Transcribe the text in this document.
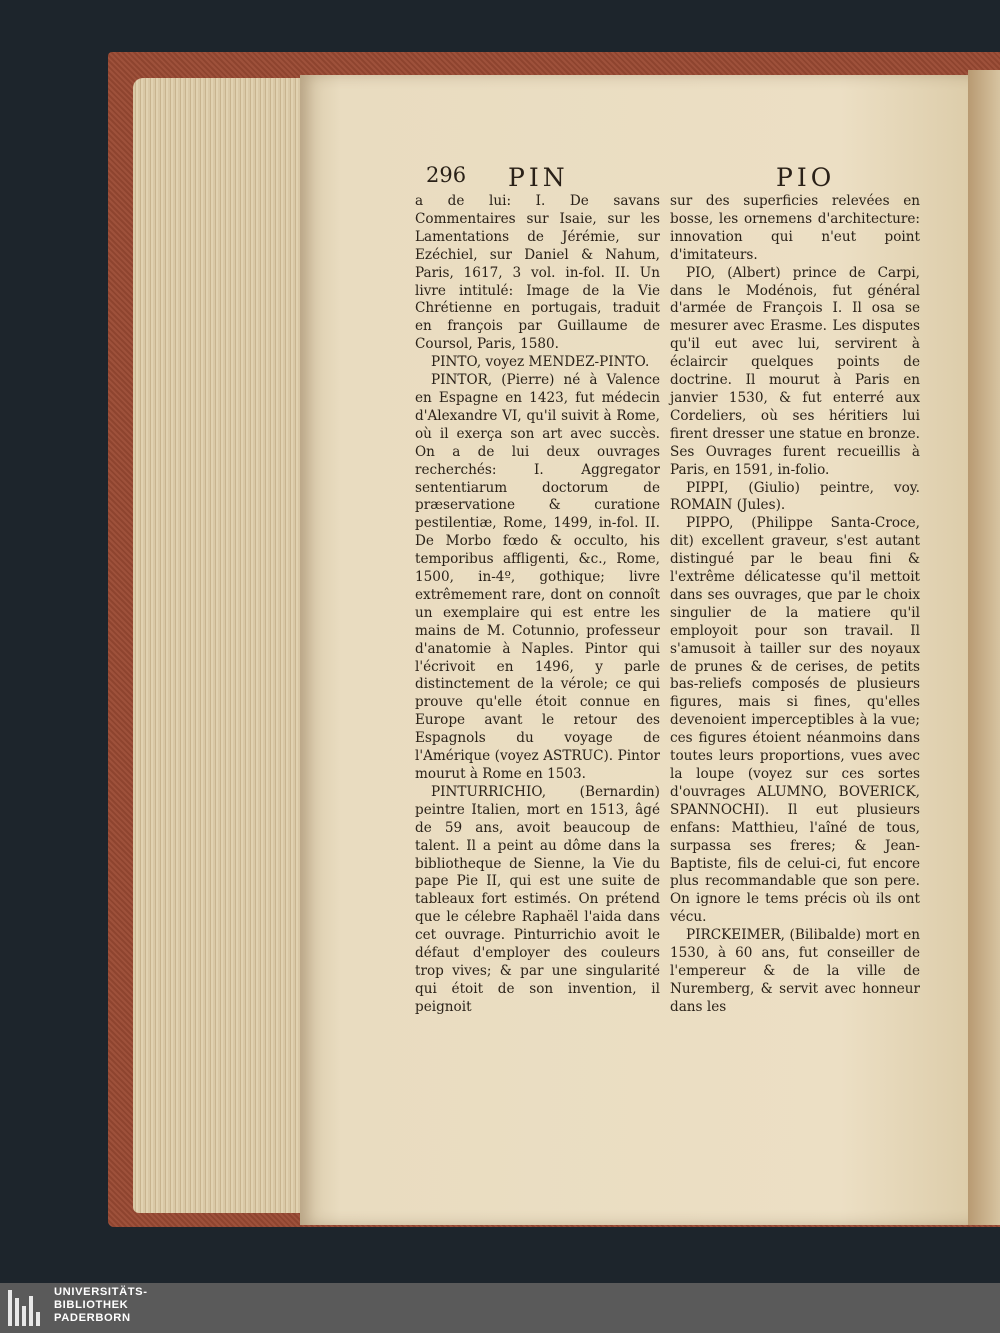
296 PIN	PIO

a de lui: I. De savans Commentaires sur Isaie, sur les Lamentations de Jérémie, sur Ezéchiel, sur Daniel & Nahum, Paris, 1617, 3 vol. in-fol. II. Un livre intitulé: Image de la Vie Chrétienne en portugais, traduit en françois par Guillaume de Coursol, Paris, 1580.

PINTO, voyez MENDEZ-PINTO.

PINTOR, (Pierre) né à Valence en Espagne en 1423, fut médecin d'Alexandre VI, qu'il suivit à Rome, où il exerça son art avec succès. On a de lui deux ouvrages recherchés: I. Aggregator sententiarum doctorum de præservatione & curatione pestilentiæ, Rome, 1499, in-fol. II. De Morbo fœdo & occulto, his temporibus affligenti, &c., Rome, 1500, in-4º, gothique; livre extrêmement rare, dont on connoît un exemplaire qui est entre les mains de M. Cotunnio, professeur d'anatomie à Naples. Pintor qui l'écrivoit en 1496, y parle distinctement de la vérole; ce qui prouve qu'elle étoit connue en Europe avant le retour des Espagnols du voyage de l'Amérique (voyez ASTRUC). Pintor mourut à Rome en 1503.

PINTURRICHIO, (Bernardin) peintre Italien, mort en 1513, âgé de 59 ans, avoit beaucoup de talent. Il a peint au dôme dans la bibliotheque de Sienne, la Vie du pape Pie II, qui est une suite de tableaux fort estimés. On prétend que le célebre Raphaël l'aida dans cet ouvrage. Pinturrichio avoit le défaut d'employer des couleurs trop vives; & par une singularité qui étoit de son invention, il peignoit

sur des superficies relevées en bosse, les ornemens d'architecture: innovation qui n'eut point d'imitateurs.

PIO, (Albert) prince de Carpi, dans le Modénois, fut général d'armée de François I. Il osa se mesurer avec Erasme. Les disputes qu'il eut avec lui, servirent à éclaircir quelques points de doctrine. Il mourut à Paris en janvier 1530, & fut enterré aux Cordeliers, où ses héritiers lui firent dresser une statue en bronze. Ses Ouvrages furent recueillis à Paris, en 1591, in-folio.

PIPPI, (Giulio) peintre, voy. ROMAIN (Jules).

PIPPO, (Philippe Santa-Croce, dit) excellent graveur, s'est autant distingué par le beau fini & l'extrême délicatesse qu'il mettoit dans ses ouvrages, que par le choix singulier de la matiere qu'il employoit pour son travail. Il s'amusoit à tailler sur des noyaux de prunes & de cerises, de petits bas-reliefs composés de plusieurs figures, mais si fines, qu'elles devenoient imperceptibles à la vue; ces figures étoient néanmoins dans toutes leurs proportions, vues avec la loupe (voyez sur ces sortes d'ouvrages ALUMNO, BOVERICK, SPANNOCHI). Il eut plusieurs enfans: Matthieu, l'aîné de tous, surpassa ses freres; & Jean-Baptiste, fils de celui-ci, fut encore plus recommandable que son pere. On ignore le tems précis où ils ont vécu.

PIRCKEIMER, (Bilibalde) mort en 1530, à 60 ans, fut conseiller de l'empereur & de la ville de Nuremberg, & servit avec honneur dans les

UNIVERSITÄTS-
BIBLIOTHEK
PADERBORN
